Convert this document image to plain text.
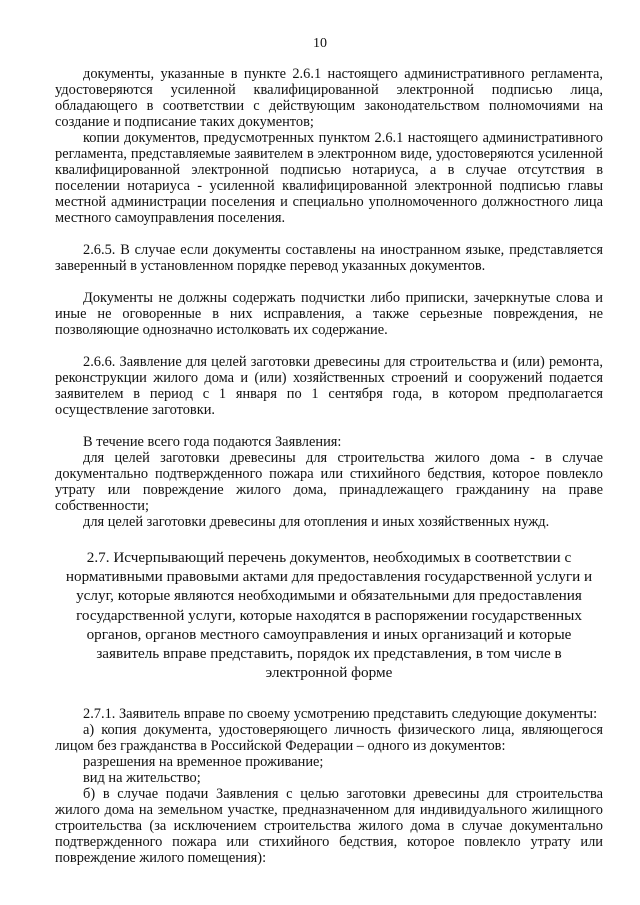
10

документы, указанные в пункте 2.6.1 настоящего административного регламента, удостоверяются усиленной квалифицированной электронной подписью лица, обладающего в соответствии с действующим законодательством полномочиями на создание и подписание таких документов;

копии документов, предусмотренных пунктом 2.6.1 настоящего административного регламента, представляемые заявителем в электронном виде, удостоверяются усиленной квалифицированной электронной подписью нотариуса, а в случае отсутствия в поселении нотариуса - усиленной квалифицированной электронной подписью главы местной администрации поселения и специально уполномоченного должностного лица местного самоуправления поселения.

2.6.5. В случае если документы составлены на иностранном языке, представляется заверенный в установленном порядке перевод указанных документов.

Документы не должны содержать подчистки либо приписки, зачеркнутые слова и иные не оговоренные в них исправления, а также серьезные повреждения, не позволяющие однозначно истолковать их содержание.

2.6.6. Заявление для целей заготовки древесины для строительства и (или) ремонта, реконструкции жилого дома и (или) хозяйственных строений и сооружений подается заявителем в период с 1 января по 1 сентября года, в котором предполагается осуществление заготовки.

В течение всего года подаются Заявления:

для целей заготовки древесины для строительства жилого дома - в случае документально подтвержденного пожара или стихийного бедствия, которое повлекло утрату или повреждение жилого дома, принадлежащего гражданину на праве собственности;

для целей заготовки древесины для отопления и иных хозяйственных нужд.

2.7. Исчерпывающий перечень документов, необходимых в соответствии с нормативными правовыми актами для предоставления государственной услуги и услуг, которые являются необходимыми и обязательными для предоставления государственной услуги, которые находятся в распоряжении государственных органов, органов местного самоуправления и иных организаций и которые заявитель вправе представить, порядок их представления, в том числе в электронной форме

2.7.1. Заявитель вправе по своему усмотрению представить следующие документы:

а) копия документа, удостоверяющего личность физического лица, являющегося лицом без гражданства в Российской Федерации – одного из документов:

разрешения на временное проживание;

вид на жительство;

б) в случае подачи Заявления с целью заготовки древесины для строительства жилого дома на земельном участке, предназначенном для индивидуального жилищного строительства (за исключением строительства жилого дома в случае документально подтвержденного пожара или стихийного бедствия, которое повлекло утрату или повреждение жилого помещения):
